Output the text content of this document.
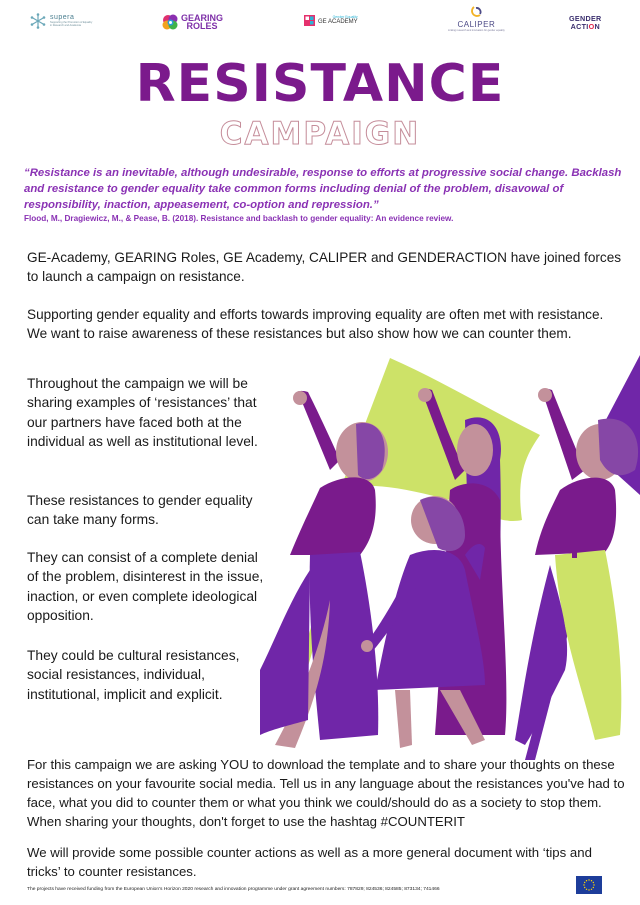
supera
Supporting the Promotion of Equality in Research and Academia
GEARING
ROLES
Gender Equality
GE ACADEMY	CALIPER
Linking research and innovation for gender equality
GENDER
ACTION
RESISTANCE
CAMPAIGN
“Resistance is an inevitable, although undesirable, response to efforts at progressive social change. Backlash and resistance to gender equality take common forms including denial of the problem, disavowal of responsibility, inaction, appeasement, co-option and repression.”
Flood, M., Dragiewicz, M., & Pease, B. (2018). Resistance and backlash to gender equality: An evidence review.
GE-Academy, GEARING Roles, GE Academy, CALIPER and GENDERACTION have joined forces to launch a campaign on resistance.
Supporting gender equality and efforts towards improving equality are often met with resistance. We want to raise awareness of these resistances but also show how we can counter them.
Throughout the campaign we will be sharing examples of ‘resistances’ that our partners have faced both at the individual as well as institutional level.
These resistances to gender equality can take many forms.
They can consist of a complete denial of the problem, disinterest in the issue, inaction, or even complete ideological opposition.
They could be cultural resistances, social resistances, individual, institutional, implicit and explicit.
For this campaign we are asking YOU to download the template and to share your thoughts on these resistances on your favourite social media. Tell us in any language about the resistances you've had to face, what you did to counter them or what you think we could/should do as a society to stop them. When sharing your thoughts, don't forget to use the hashtag #COUNTERIT
We will provide some possible counter actions as well as a more general document with ‘tips and tricks’ to counter resistances.
The projects have received funding from the European Union's Horizon 2020 research and innovation programme under grant agreement numbers: 787829; 824536; 824585; 873134; 741466
